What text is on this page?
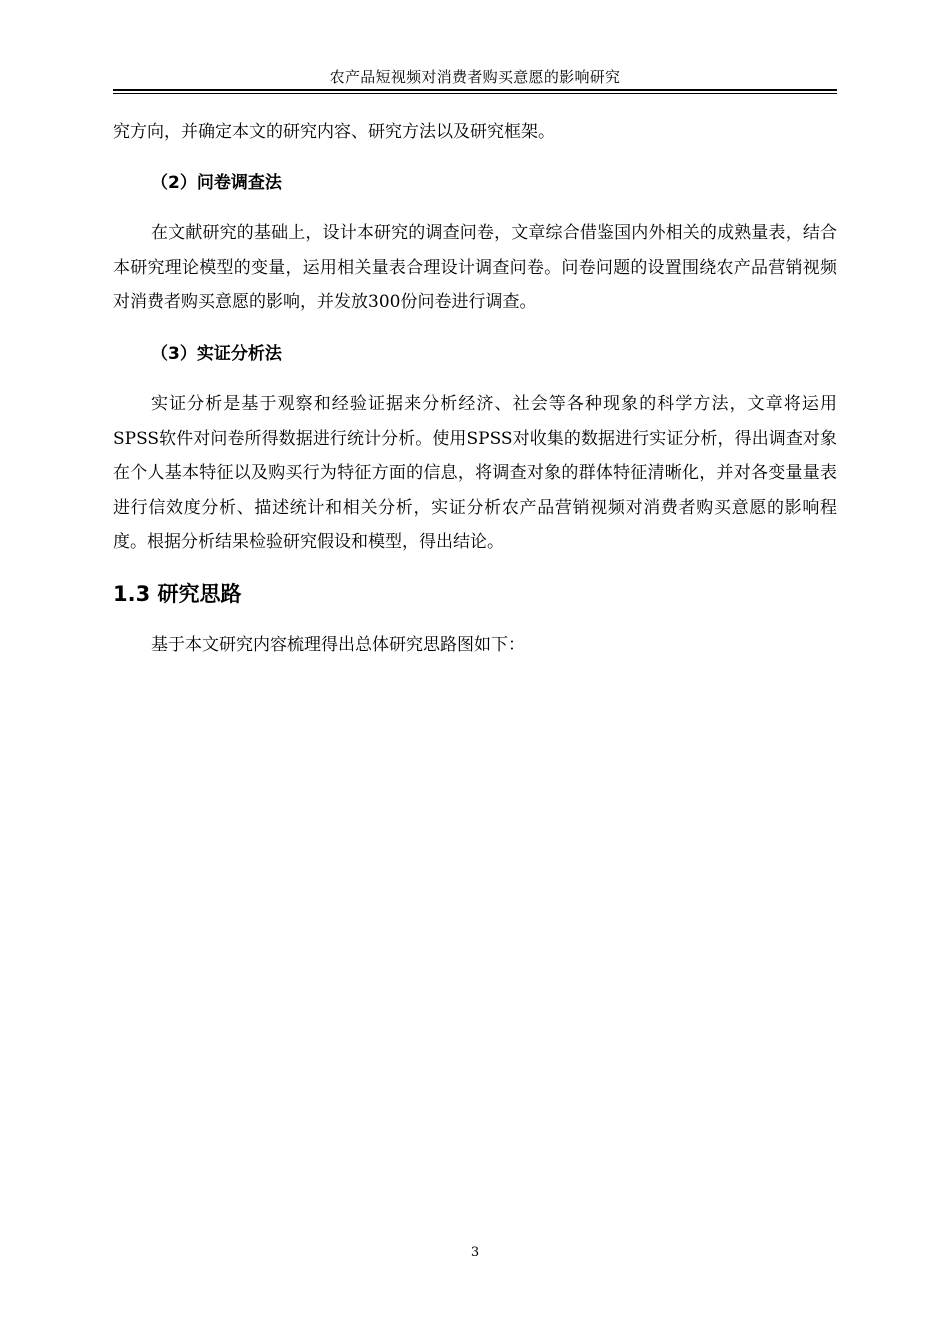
农产品短视频对消费者购买意愿的影响研究

究方向，并确定本文的研究内容、研究方法以及研究框架。

（2）问卷调查法

在文献研究的基础上，设计本研究的调查问卷，文章综合借鉴国内外相关的成熟量表，结合本研究理论模型的变量，运用相关量表合理设计调查问卷。问卷问题的设置围绕农产品营销视频对消费者购买意愿的影响，并发放300份问卷进行调查。

（3）实证分析法

实证分析是基于观察和经验证据来分析经济、社会等各种现象的科学方法，文章将运用SPSS软件对问卷所得数据进行统计分析。使用SPSS对收集的数据进行实证分析，得出调查对象在个人基本特征以及购买行为特征方面的信息，将调查对象的群体特征清晰化，并对各变量量表进行信效度分析、描述统计和相关分析，实证分析农产品营销视频对消费者购买意愿的影响程度。根据分析结果检验研究假设和模型，得出结论。

1.3 研究思路

基于本文研究内容梳理得出总体研究思路图如下：

3
